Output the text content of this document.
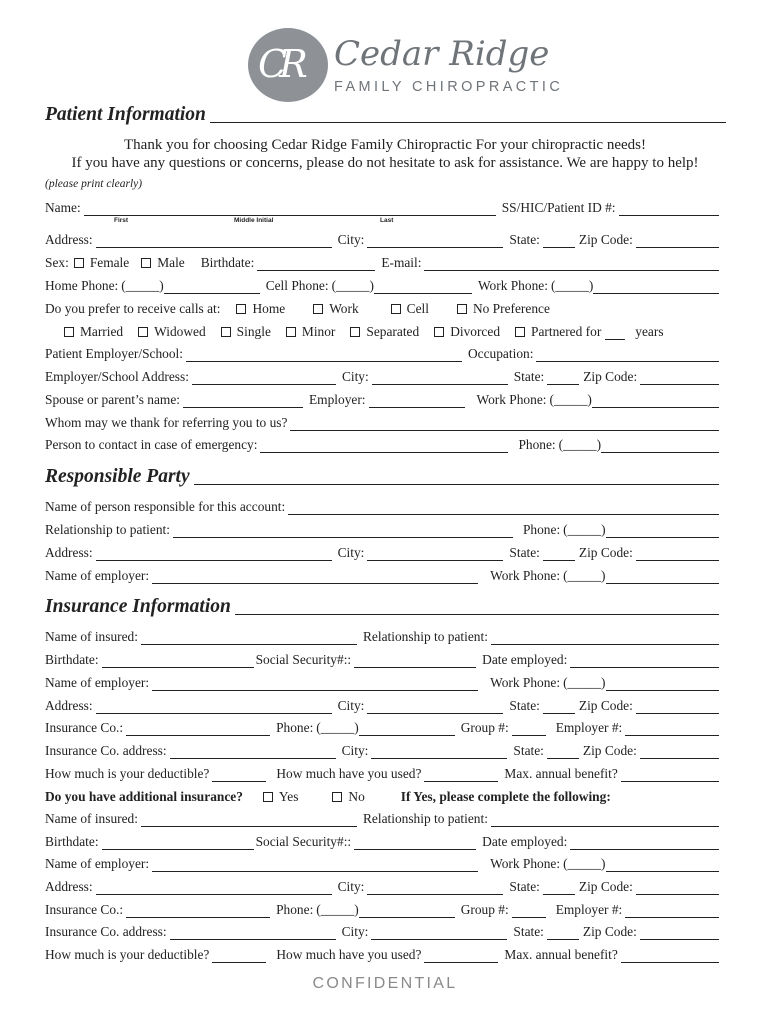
CR Cedar Ridge
FAMILY CHIROPRACTIC
Patient Information
Thank you for choosing Cedar Ridge Family Chiropractic For your chiropractic needs!
If you have any questions or concerns, please do not hesitate to ask for assistance. We are happy to help!
(please print clearly)
Name:	SS/HIC/Patient ID #:
First	Middle Initial	Last
Address:	City:	State:	Zip Code:
Sex: Female Male Birthdate:	E-mail:
Home Phone: (_____)	Cell Phone: (_____)	Work Phone: (_____)
Do you prefer to receive calls at: Home	Work	Cell	No Preference
Married Widowed Single Minor Separated Divorced Partnered for	years
Patient Employer/School:	Occupation:
Employer/School Address:	City:	State:	Zip Code:
Spouse or parent’s name:	Employer:	Work Phone: (_____)
Whom may we thank for referring you to us?
Person to contact in case of emergency:	Phone: (_____)
Responsible Party
Name of person responsible for this account:
Relationship to patient:	Phone: (_____)
Address:	City:	State:	Zip Code:
Name of employer:	Work Phone: (_____)
Insurance Information
Name of insured:	Relationship to patient:
Birthdate:	Social Security#::	Date employed:
Name of employer:	Work Phone: (_____)
Address:	City:	State:	Zip Code:
Insurance Co.:	Phone: (_____)	Group #:	Employer #:
Insurance Co. address:	City:	State:	Zip Code:
How much is your deductible?	How much have you used?	Max. annual benefit?
Do you have additional insurance?	Yes	No	If Yes, please complete the following:
Name of insured:	Relationship to patient:
Birthdate:	Social Security#::	Date employed:
Name of employer:	Work Phone: (_____)
Address:	City:	State:	Zip Code:
Insurance Co.:	Phone: (_____)	Group #:	Employer #:
Insurance Co. address:	City:	State:	Zip Code:
How much is your deductible?	How much have you used?	Max. annual benefit?
CONFIDENTIAL
